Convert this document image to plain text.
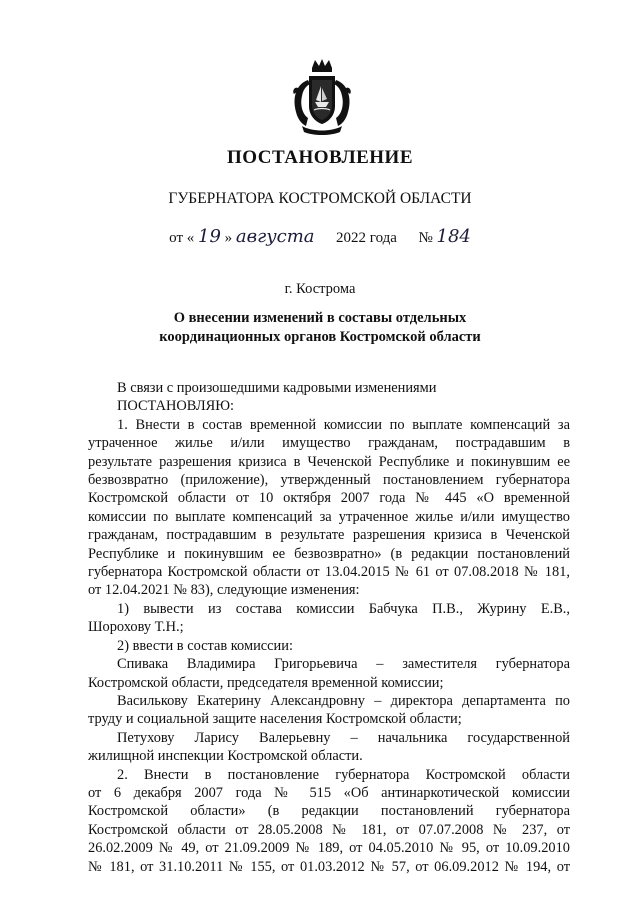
ПОСТАНОВЛЕНИЕ
ГУБЕРНАТОРА КОСТРОМСКОЙ ОБЛАСТИ
от « 19 » августа 2022 года № 184
г. Кострома
О внесении изменений в составы отдельных
координационных органов Костромской области

В связи с произошедшими кадровыми изменениями

ПОСТАНОВЛЯЮ:

1. Внести в состав временной комиссии по выплате компенсаций за

утраченное жилье и/или имущество гражданам, пострадавшим в

результате разрешения кризиса в Чеченской Республике и покинувшим ее

безвозвратно (приложение), утвержденный постановлением губернатора

Костромской области от 10 октября 2007 года № 445 «О временной

комиссии по выплате компенсаций за утраченное жилье и/или имущество

гражданам, пострадавшим в результате разрешения кризиса в Чеченской

Республике и покинувшим ее безвозвратно» (в редакции постановлений

губернатора Костромской области от 13.04.2015 № 61 от 07.08.2018 № 181,

от 12.04.2021 № 83), следующие изменения:

1) вывести из состава комиссии Бабчука П.В., Журину Е.В.,

Шорохову Т.Н.;

2) ввести в состав комиссии:

Спивака Владимира Григорьевича – заместителя губернатора

Костромской области, председателя временной комиссии;

Василькову Екатерину Александровну – директора департамента по

труду и социальной защите населения Костромской области;

Петухову Ларису Валерьевну – начальника государственной

жилищной инспекции Костромской области.

2. Внести в постановление губернатора Костромской области

от 6 декабря 2007 года № 515 «Об антинаркотической комиссии

Костромской области» (в редакции постановлений губернатора

Костромской области от 28.05.2008 № 181, от 07.07.2008 № 237, от

26.02.2009 № 49, от 21.09.2009 № 189, от 04.05.2010 № 95, от 10.09.2010

№ 181, от 31.10.2011 № 155, от 01.03.2012 № 57, от 06.09.2012 № 194, от
